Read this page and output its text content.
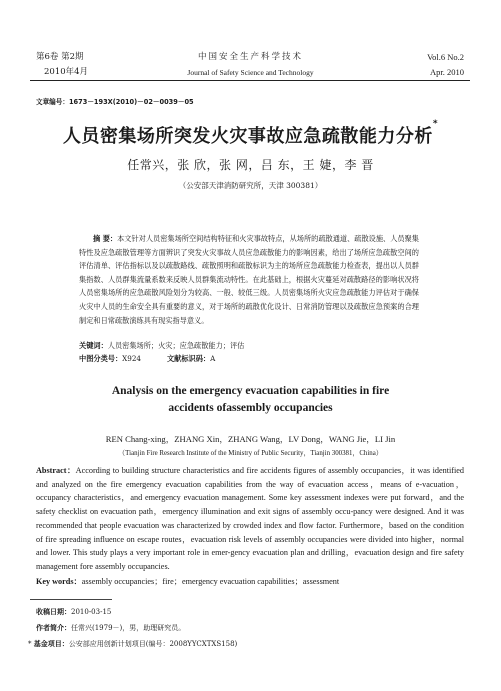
第6卷 第2期
2010年4月
中国安全生产科学技术
Journal of Safety Science and Technology
Vol.6 No.2
Apr. 2010
文章编号：1673－193X(2010)－02－0039－05
人员密集场所突发火灾事故应急疏散能力分析*
任常兴，张 欣，张 网，吕 东，王 婕，李 晋
（公安部天津消防研究所，天津 300381）

摘 要：本文针对人员密集场所空间结构特征和火灾事故特点，从场所的疏散通道、疏散设施、人员聚集特性及应急疏散管理等方面辨识了突发火灾事故人员应急疏散能力的影响因素，给出了场所应急疏散空间的评估清单、评估指标以及以疏散路线、疏散照明和疏散标识为主的场所应急疏散能力检查表，提出以人员群集指数、人员群集流量系数来反映人员群集流动特性。在此基础上，根据火灾蔓延对疏散路径的影响状况将人员密集场所的应急疏散风险划分为较高、一般、较低三级。人员密集场所火灾应急疏散能力评估对于确保火灾中人员的生命安全具有重要的意义，对于场所的疏散优化设计、日常消防管理以及疏散应急预案的合理制定和日常疏散演练具有现实指导意义。

关键词：人员密集场所；火灾；应急疏散能力；评估

中图分类号：X924	文献标识码：A
Analysis on the emergency evacuation capabilities in fire accidents ofassembly occupancies
REN Chang-xing，ZHANG Xin，ZHANG Wang，LV Dong，WANG Jie，LI Jin
（Tianjin Fire Research Institute of the Ministry of Public Security，Tianjin 300381，China）

Abstract：According to building structure characteristics and fire accidents figures of assembly occupancies，it was identified and analyzed on the fire emergency evacuation capabilities from the way of evacuation access，means of e-vacuation，occupancy characteristics，and emergency evacuation management. Some key assessment indexes were put forward，and the safety checklist on evacuation path，emergency illumination and exit signs of assembly occu-pancy were designed. And it was recommended that people evacuation was characterized by crowded index and flow factor. Furthermore，based on the condition of fire spreading influence on escape routes，evacuation risk levels of assembly occupancies were divided into higher，normal and lower. This study plays a very important role in emer-gency evacuation plan and drilling，evacuation design and fire safety management fore assembly occupancies.

Key words：assembly occupancies；fire；emergency evacuation capabilities；assessment

收稿日期：2010-03-15
作者简介：任常兴(1979－)，男，助理研究员。
* 基金项目：公安部应用创新计划项目(编号：2008YYCXTXS158)
